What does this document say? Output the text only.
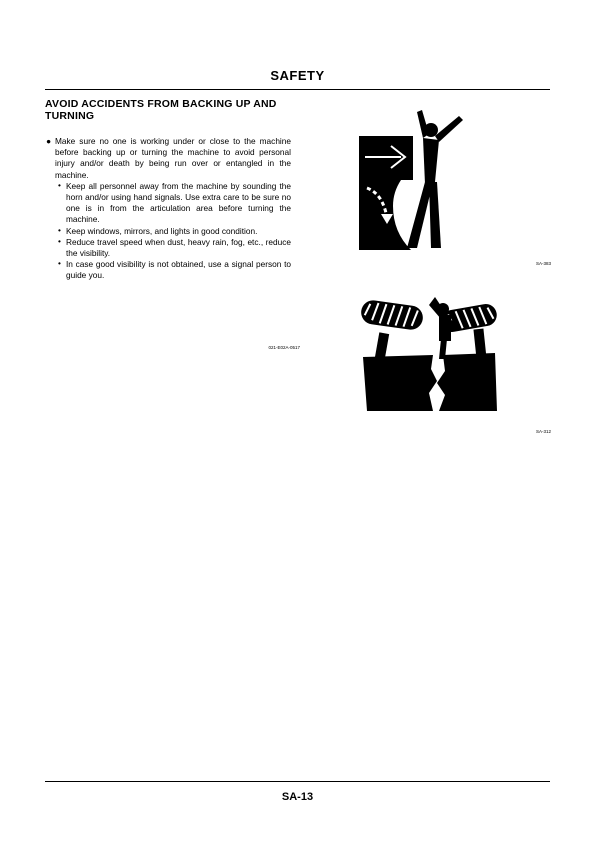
SAFETY
AVOID ACCIDENTS FROM BACKING UP AND TURNING
● Make sure no one is working under or close to the machine before backing up or turning the machine to avoid personal injury and/or death by being run over or entangled in the machine.
• Keep all personnel away from the machine by sounding the horn and/or using hand signals. Use extra care to be sure no one is in from the articulation area before turning the machine.
• Keep windows, mirrors, and lights in good condition.
• Reduce travel speed when dust, heavy rain, fog, etc., reduce the visibility.
• In case good visibility is not obtained, use a signal person to guide you.
021-E02A-0517
SA-383
SA-312
SA-13
